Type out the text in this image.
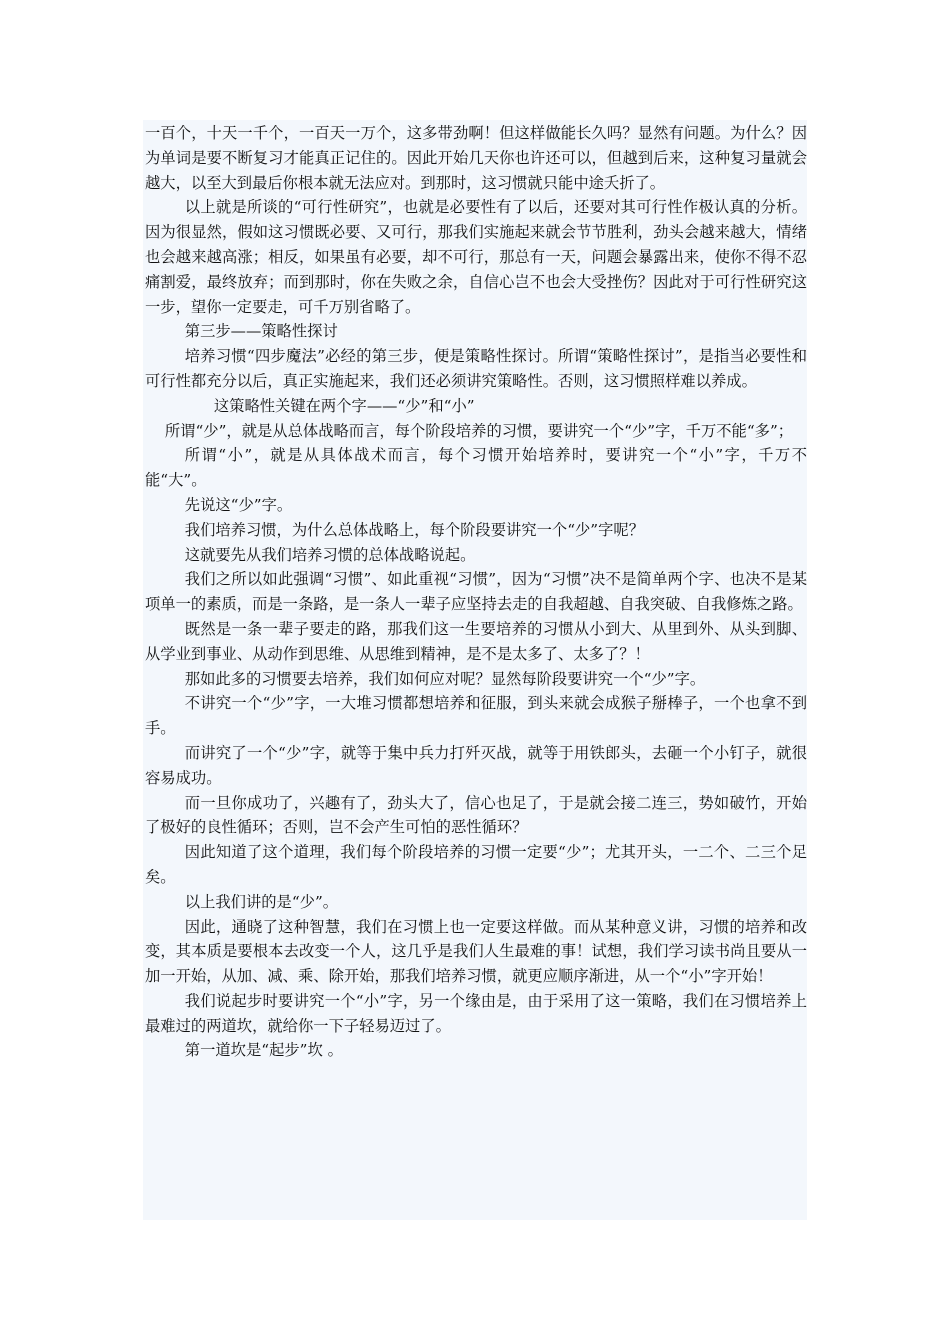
一百个，十天一千个，一百天一万个，这多带劲啊！但这样做能长久吗？显然有问题。为什么？因为单词是要不断复习才能真正记住的。因此开始几天你也许还可以，但越到后来，这种复习量就会越大，以至大到最后你根本就无法应对。到那时，这习惯就只能中途夭折了。

以上就是所谈的“可行性研究”，也就是必要性有了以后，还要对其可行性作极认真的分析。因为很显然，假如这习惯既必要、又可行，那我们实施起来就会节节胜利，劲头会越来越大，情绪也会越来越高涨；相反，如果虽有必要，却不可行，那总有一天，问题会暴露出来，使你不得不忍痛割爱，最终放弃；而到那时，你在失败之余，自信心岂不也会大受挫伤？因此对于可行性研究这一步，望你一定要走，可千万别省略了。

第三步——策略性探讨

培养习惯“四步魔法”必经的第三步，便是策略性探讨。所谓“策略性探讨”，是指当必要性和可行性都充分以后，真正实施起来，我们还必须讲究策略性。否则，这习惯照样难以养成。

这策略性关键在两个字——“少”和“小”

所谓“少”，就是从总体战略而言，每个阶段培养的习惯，要讲究一个“少”字，千万不能“多”；

所谓“小”，就是从具体战术而言，每个习惯开始培养时，要讲究一个“小”字，千万不能“大”。

先说这“少”字。

我们培养习惯，为什么总体战略上，每个阶段要讲究一个“少”字呢？

这就要先从我们培养习惯的总体战略说起。

我们之所以如此强调“习惯”、如此重视“习惯”，因为“习惯”决不是简单两个字、也决不是某项单一的素质，而是一条路，是一条人一辈子应坚持去走的自我超越、自我突破、自我修炼之路。

既然是一条一辈子要走的路，那我们这一生要培养的习惯从小到大、从里到外、从头到脚、从学业到事业、从动作到思维、从思维到精神，是不是太多了、太多了？！

那如此多的习惯要去培养，我们如何应对呢？显然每阶段要讲究一个“少”字。

不讲究一个“少”字，一大堆习惯都想培养和征服，到头来就会成猴子掰棒子，一个也拿不到手。

而讲究了一个“少”字，就等于集中兵力打歼灭战，就等于用铁郎头，去砸一个小钉子，就很容易成功。

而一旦你成功了，兴趣有了，劲头大了，信心也足了，于是就会接二连三，势如破竹，开始了极好的良性循环；否则，岂不会产生可怕的恶性循环？

因此知道了这个道理，我们每个阶段培养的习惯一定要“少”；尤其开头，一二个、二三个足矣。

以上我们讲的是“少”。

因此，通晓了这种智慧，我们在习惯上也一定要这样做。而从某种意义讲，习惯的培养和改变，其本质是要根本去改变一个人，这几乎是我们人生最难的事！试想，我们学习读书尚且要从一加一开始，从加、减、乘、除开始，那我们培养习惯，就更应顺序渐进，从一个“小”字开始！

我们说起步时要讲究一个“小”字，另一个缘由是，由于采用了这一策略，我们在习惯培养上最难过的两道坎，就给你一下子轻易迈过了。

第一道坎是“起步”坎 。
